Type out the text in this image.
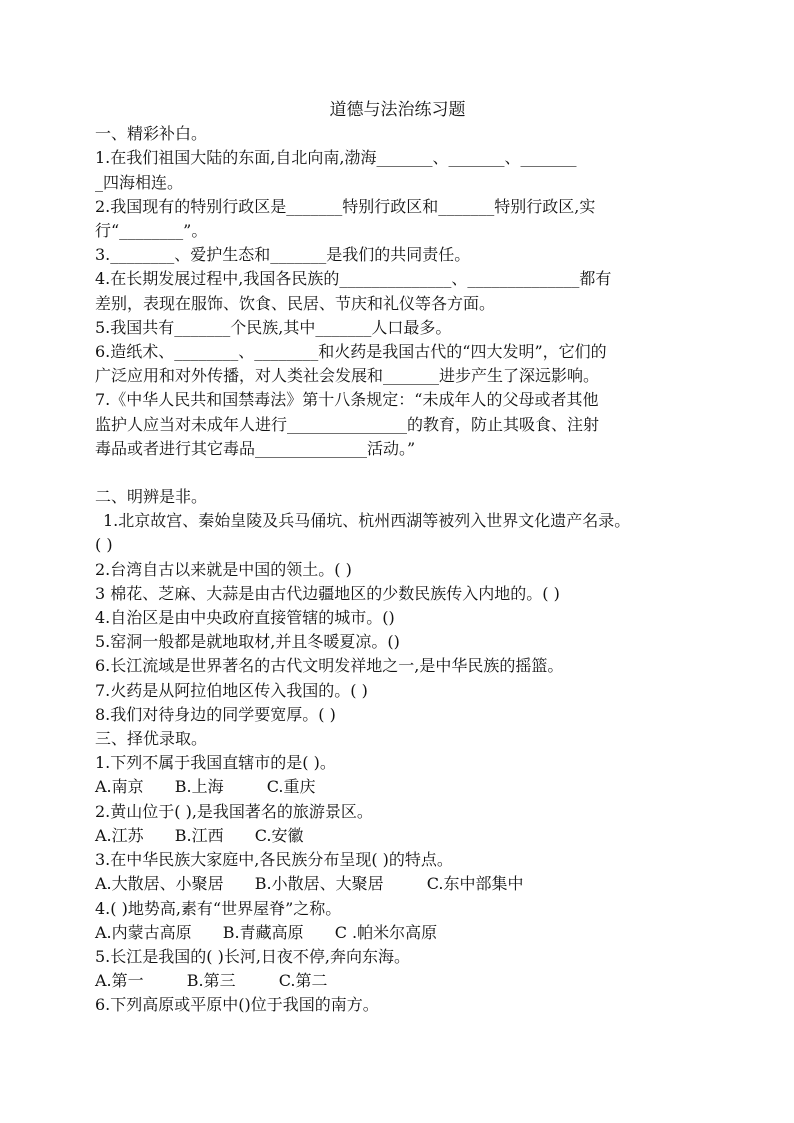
道德与法治练习题
一、精彩补白。
1.在我们祖国大陆的东面,自北向南,渤海_______、_______、_______
_四海相连。
2.我国现有的特别行政区是_______特别行政区和_______特别行政区,实
行“________”。
3.________、爱护生态和_______是我们的共同责任。
4.在长期发展过程中,我国各民族的______________、______________都有
差别，表现在服饰、饮食、民居、节庆和礼仪等各方面。
5.我国共有_______个民族,其中_______人口最多。
6.造纸术、________、________和火药是我国古代的“四大发明”，它们的
广泛应用和对外传播，对人类社会发展和_______进步产生了深远影响。
7.《中华人民共和国禁毒法》第十八条规定：“未成年人的父母或者其他
监护人应当对未成年人进行_______________的教育，防止其吸食、注射
毒品或者进行其它毒品______________活动。”
二、明辨是非。
1.北京故宫、秦始皇陵及兵马俑坑、杭州西湖等被列入世界文化遗产名录。
( )
2.台湾自古以来就是中国的领土。( )
3 棉花、芝麻、大蒜是由古代边疆地区的少数民族传入内地的。( )
4.自治区是由中央政府直接管辖的城市。()
5.窑洞一般都是就地取材,并且冬暖夏凉。()
6.长江流域是世界著名的古代文明发祥地之一,是中华民族的摇篮。
7.火药是从阿拉伯地区传入我国的。( )
8.我们对待身边的同学要宽厚。( )
三、择优录取。
1.下列不属于我国直辖市的是( )。
A.南京 B.上海	C.重庆
2.黄山位于( ),是我国著名的旅游景区。
A.江苏 B.江西 C.安徽
3.在中华民族大家庭中,各民族分布呈现( )的特点。
A.大散居、小聚居 B.小散居、大聚居	C.东中部集中
4.( )地势高,素有“世界屋脊”之称。
A.内蒙古高原 B.青藏高原 C .帕米尔高原
5.长江是我国的( )长河,日夜不停,奔向东海。
A.第一	B.第三	C.第二
6.下列高原或平原中()位于我国的南方。
